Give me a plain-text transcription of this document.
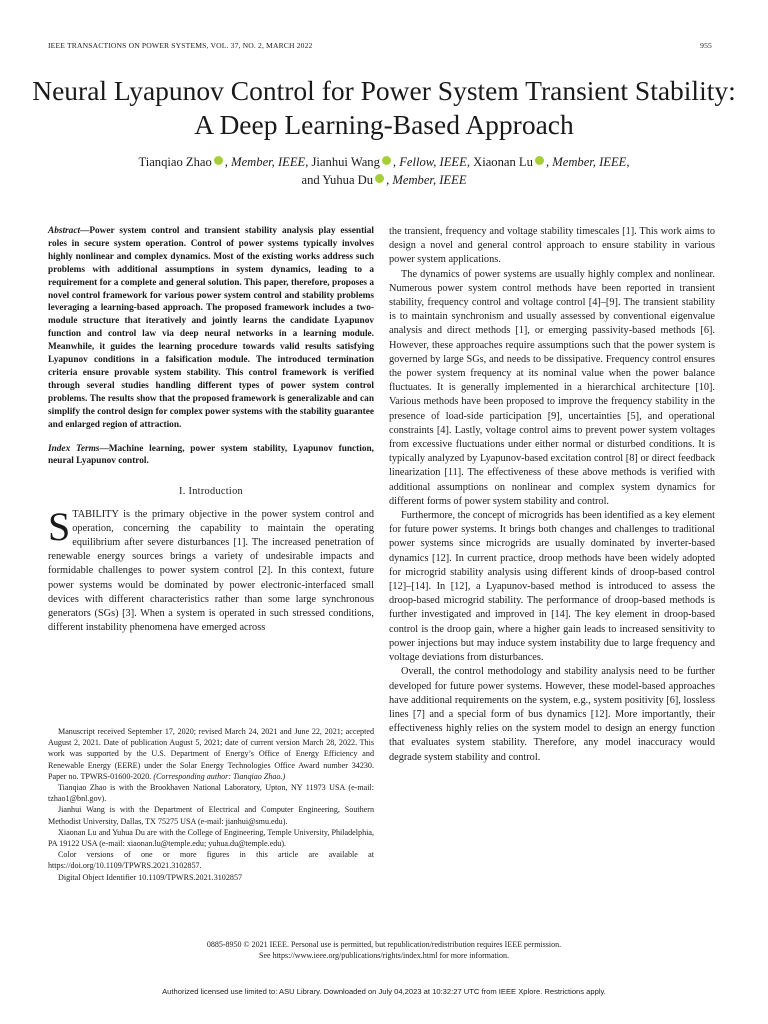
IEEE TRANSACTIONS ON POWER SYSTEMS, VOL. 37, NO. 2, MARCH 2022	955
Neural Lyapunov Control for Power System Transient Stability: A Deep Learning-Based Approach
Tianqiao Zhao , Member, IEEE, Jianhui Wang , Fellow, IEEE, Xiaonan Lu , Member, IEEE,
and Yuhua Du , Member, IEEE
Abstract—Power system control and transient stability analysis play essential roles in secure system operation. Control of power systems typically involves highly nonlinear and complex dynamics. Most of the existing works address such problems with additional assumptions in system dynamics, leading to a requirement for a complete and general solution. This paper, therefore, proposes a novel control framework for various power system control and stability problems leveraging a learning-based approach. The proposed framework includes a two-module structure that iteratively and jointly learns the candidate Lyapunov function and control law via deep neural networks in a learning module. Meanwhile, it guides the learning procedure towards valid results satisfying Lyapunov conditions in a falsification module. The introduced termination criteria ensure provable system stability. This control framework is verified through several studies handling different types of power system control problems. The results show that the proposed framework is generalizable and can simplify the control design for complex power systems with the stability guarantee and enlarged region of attraction.
Index Terms—Machine learning, power system stability, Lyapunov function, neural Lyapunov control.
I. Introduction

STABILITY is the primary objective in the power system control and operation, concerning the capability to maintain the operating equilibrium after severe disturbances [1]. The increased penetration of renewable energy sources brings a variety of undesirable impacts and formidable challenges to power system control [2]. In this context, future power systems would be dominated by power electronic-interfaced small devices with different characteristics rather than some large synchronous generators (SGs) [3]. When a system is operated in such stressed conditions, different instability phenomena have emerged across

Manuscript received September 17, 2020; revised March 24, 2021 and June 22, 2021; accepted August 2, 2021. Date of publication August 5, 2021; date of current version March 28, 2022. This work was supported by the U.S. Department of Energy’s Office of Energy Efficiency and Renewable Energy (EERE) under the Solar Energy Technologies Office Award number 34230. Paper no. TPWRS-01600-2020. (Corresponding author: Tianqiao Zhao.)

Tianqiao Zhao is with the Brookhaven National Laboratory, Upton, NY 11973 USA (e-mail: tzhao1@bnl.gov).

Jianhui Wang is with the Department of Electrical and Computer Engineering, Southern Methodist University, Dallas, TX 75275 USA (e-mail: jianhui@smu.edu).

Xiaonan Lu and Yuhua Du are with the College of Engineering, Temple University, Philadelphia, PA 19122 USA (e-mail: xiaonan.lu@temple.edu; yuhua.du@temple.edu).

Color versions of one or more figures in this article are available at https://doi.org/10.1109/TPWRS.2021.3102857.

Digital Object Identifier 10.1109/TPWRS.2021.3102857

the transient, frequency and voltage stability timescales [1]. This work aims to design a novel and general control approach to ensure stability in various power system applications.

The dynamics of power systems are usually highly complex and nonlinear. Numerous power system control methods have been reported in transient stability, frequency control and voltage control [4]–[9]. The transient stability is to maintain synchronism and usually assessed by conventional eigenvalue analysis and direct methods [1], or emerging passivity-based methods [6]. However, these approaches require assumptions such that the power system is governed by large SGs, and needs to be dissipative. Frequency control ensures the power system frequency at its nominal value when the power balance fluctuates. It is generally implemented in a hierarchical architecture [10]. Various methods have been proposed to improve the frequency stability in the presence of load-side participation [9], uncertainties [5], and operational constraints [4]. Lastly, voltage control aims to prevent power system voltages from excessive fluctuations under either normal or disturbed conditions. It is typically analyzed by Lyapunov-based excitation control [8] or direct feedback linearization [11]. The effectiveness of these above methods is verified with additional assumptions on nonlinear and complex system dynamics for different forms of power system stability and control.

Furthermore, the concept of microgrids has been identified as a key element for future power systems. It brings both changes and challenges to traditional power systems since microgrids are usually dominated by inverter-based dynamics [12]. In current practice, droop methods have been widely adopted for microgrid stability analysis using different kinds of droop-based control [12]–[14]. In [12], a Lyapunov-based method is introduced to assess the droop-based microgrid stability. The performance of droop-based methods is further investigated and improved in [14]. The key element in droop-based control is the droop gain, where a higher gain leads to increased sensitivity to power injections but may induce system instability due to large frequency and voltage deviations from disturbances.

Overall, the control methodology and stability analysis need to be further developed for future power systems. However, these model-based approaches have additional requirements on the system, e.g., system positivity [6], lossless lines [7] and a special form of bus dynamics [12]. More importantly, their effectiveness highly relies on the system model to design an energy function that evaluates system stability. Therefore, any model inaccuracy would degrade system stability and control.

0885-8950 © 2021 IEEE. Personal use is permitted, but republication/redistribution requires IEEE permission.
See https://www.ieee.org/publications/rights/index.html for more information.
Authorized licensed use limited to: ASU Library. Downloaded on July 04,2023 at 10:32:27 UTC from IEEE Xplore. Restrictions apply.
